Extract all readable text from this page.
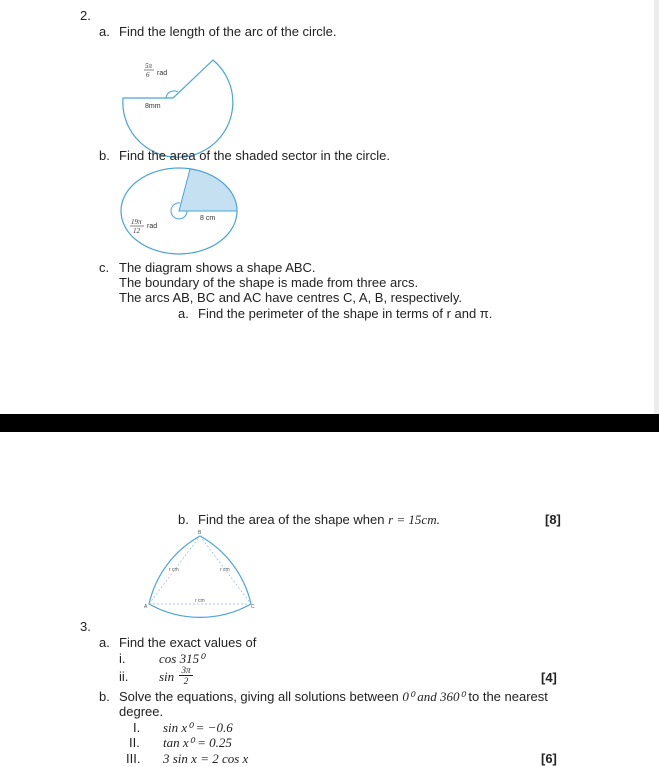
2.
a. Find the length of the arc of the circle.
5π
6 rad
8mm
b. Find the area of the shaded sector in the circle.
8 cm
19π
12
rad
c. The diagram shows a shape ABC.
The boundary of the shape is made from three arcs.
The arcs AB, BC and AC have centres C, A, B, respectively.
a. Find the perimeter of the shape in terms of r and π.
b. Find the area of the shape when r = 15cm.	[8]
B
A	C
r cm	r cm
r cm
3.
a. Find the exact values of
i.	cos 315⁰
ii. $\sin \frac{3\pi}{2}$	[4]
b. Solve the equations, giving all solutions between 0⁰ and 360⁰ to the nearest
degree.
I. sin x⁰ = −0.6
II. tan x⁰ = 0.25
III. 3 sin x = 2 cos x	[6]
